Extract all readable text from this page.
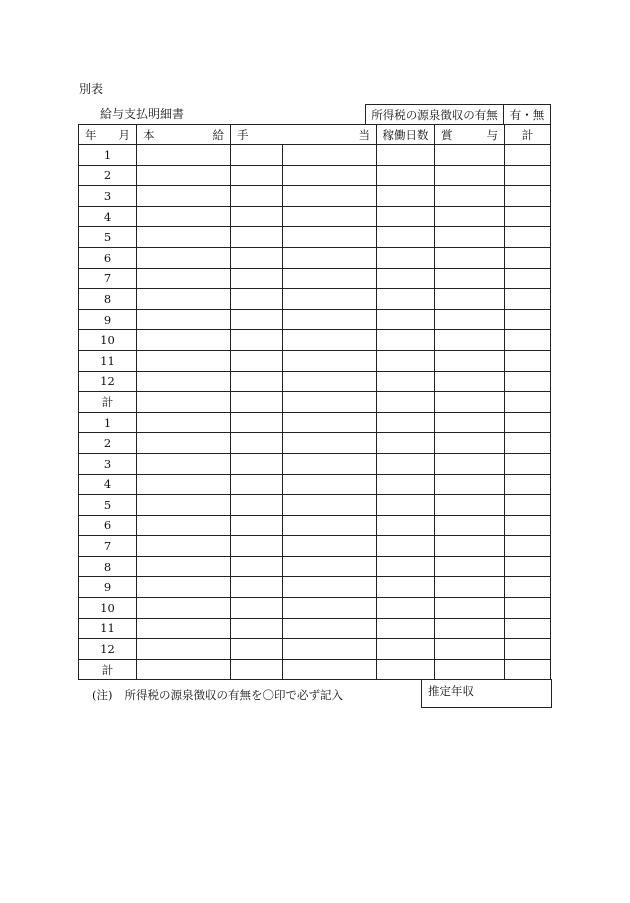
別表
給与支払明細書	所得税の源泉徴収の有無	有・無
年 月	本 給	手 当		稼働日数	賞 与	計
1						
2						
3						
4						
5						
6						
7						
8						
9						
10						
11						
12						
計						
1						
2						
3						
4						
5						
6						
7						
8						
9						
10						
11						
12						
計						
(注) 所得税の源泉徴収の有無を〇印で必ず記入	推定年収
